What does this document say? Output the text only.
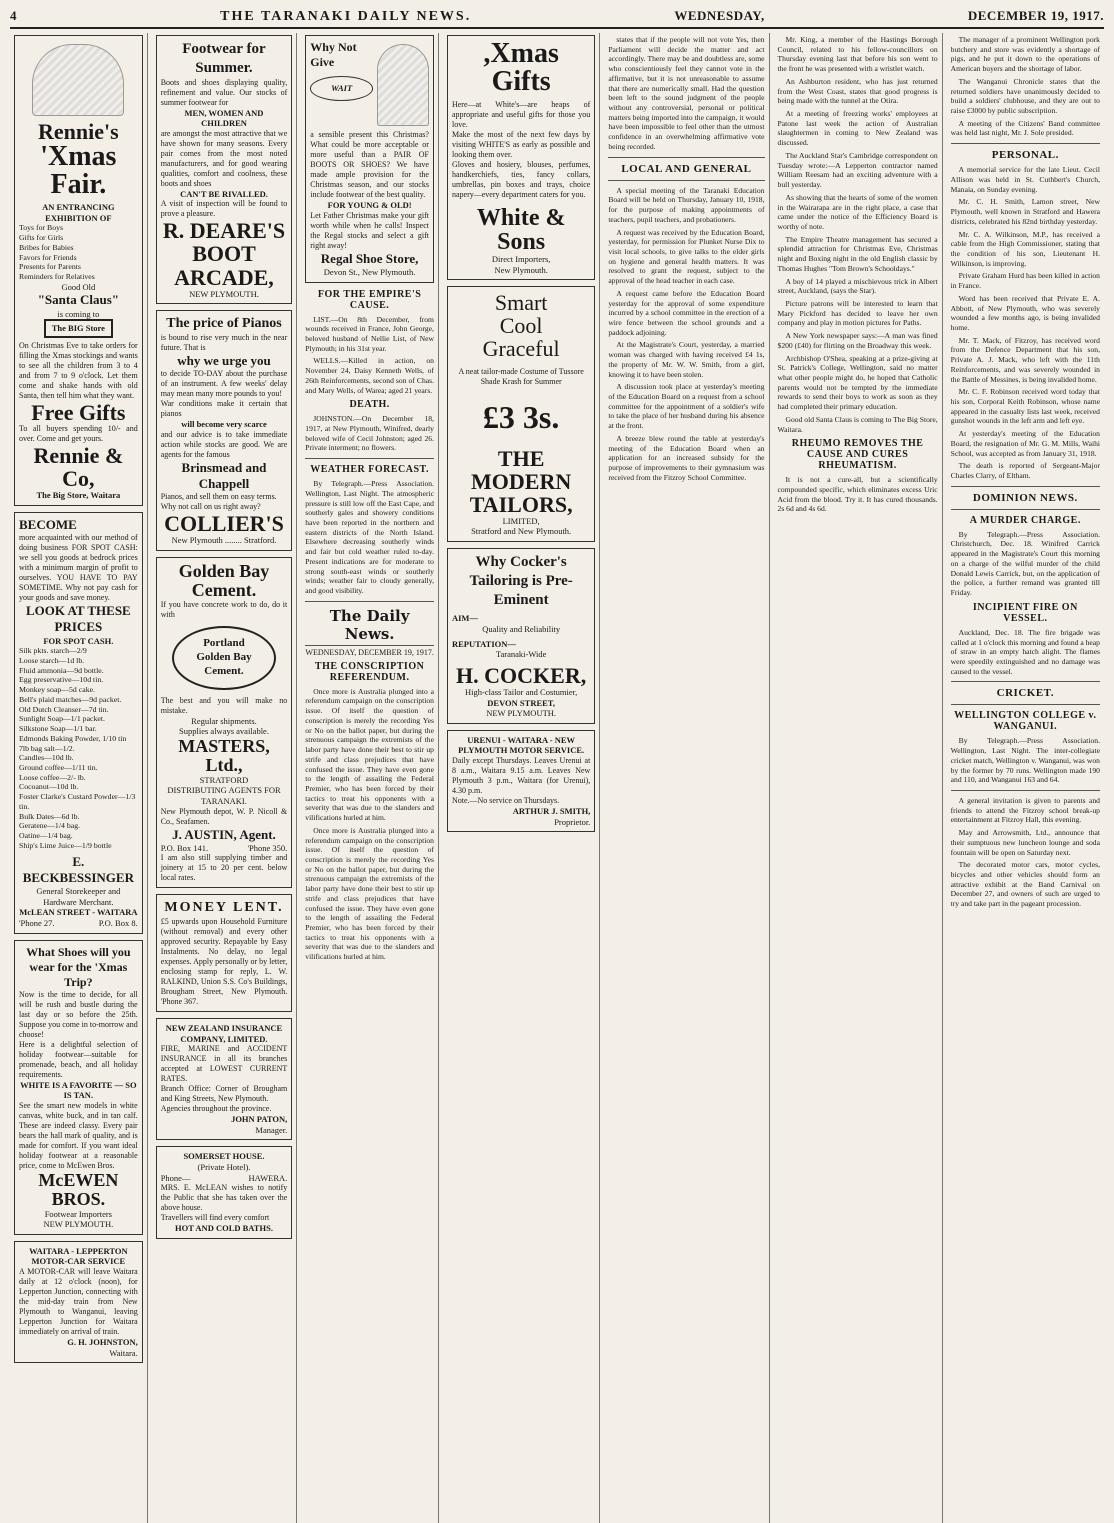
4	THE TARANAKI DAILY NEWS.	WEDNESDAY,	DECEMBER 19, 1917.
Rennie's
'Xmas Fair.
AN ENTRANCING EXHIBITION OF
Toys for Boys
Gifts for Girls
Bribes for Babies
Favors for Friends
Presents for Parents
Reminders for Relatives
Good Old
"Santa Claus"
is coming to
The BIG Store
On Christmas Eve to take orders for filling the Xmas stockings and wants to see all the children from 3 to 4 and from 7 to 9 o'clock. Let them come and shake hands with old Santa, then tell him what they want.
Free Gifts
To all buyers spending 10/- and over. Come and get yours.
Rennie & Co,
The Big Store, Waitara
BECOME
more acquainted with our method of doing business FOR SPOT CASH: we sell you goods at bedrock prices with a minimum margin of profit to ourselves. YOU HAVE TO PAY SOMETIME. Why not pay cash for your goods and save money.
LOOK AT THESE PRICES
FOR SPOT CASH.
Silk pkts. starch—2/9
Loose starch—1d lb.
Fluid ammonia—9d bottle.
Egg preservative—10d tin.
Monkey soap—5d cake.
Bell's plaid matches—9d packet.
Old Dutch Cleanser—7d tin.
Sunlight Soap—1/1 packet.
Silkstone Soap—1/1 bar.
Edmonds Baking Powder, 1/10 tin
7lb bag salt—1/2.
Candles—10d lb.
Ground coffee—1/11 tin.
Loose coffee—2/- lb.
Cocoanut—10d lb.
Foster Clarke's Custard Powder—1/3 tin.
Bulk Dates—6d lb.
Geratene—1/4 bag.
Oatine—1/4 bag.
Ship's Lime Juice—1/9 bottle
E. BECKBESSINGER
General Storekeeper and Hardware Merchant.
McLEAN STREET - WAITARA
'Phone 27.	P.O. Box 8.
What Shoes will you wear for the 'Xmas Trip?
Now is the time to decide, for all will be rush and bustle during the last day or so before the 25th. Suppose you come in to-morrow and choose!
Here is a delightful selection of holiday footwear—suitable for promenade, beach, and all holiday requirements.
WHITE IS A FAVORITE — SO IS TAN.
See the smart new models in white canvas, white buck, and in tan calf. These are indeed classy. Every pair bears the hall mark of quality, and is made for comfort. If you want ideal holiday footwear at a reasonable price, come to McEwen Bros.
McEWEN BROS.
Footwear Importers
NEW PLYMOUTH.
WAITARA - LEPPERTON
MOTOR-CAR SERVICE
A MOTOR-CAR will leave Waitara daily at 12 o'clock (noon), for Lepperton Junction, connecting with the mid-day train from New Plymouth to Wanganui, leaving Lepperton Junction for Waitara immediately on arrival of train.
G. H. JOHNSTON,
Waitara.
Footwear for Summer.
Boots and shoes displaying quality, refinement and value. Our stocks of summer footwear for
MEN, WOMEN AND CHILDREN
are amongst the most attractive that we have shown for many seasons. Every pair comes from the most noted manufacturers, and for good wearing qualities, comfort and coolness, these boots and shoes
CAN'T BE RIVALLED.
A visit of inspection will be found to prove a pleasure.
R. DEARE'S
BOOT ARCADE,
NEW PLYMOUTH.
The price of Pianos
is bound to rise very much in the near future. That is
why we urge you
to decide TO-DAY about the purchase of an instrument. A few weeks' delay may mean many more pounds to you!
War conditions make it certain that pianos
will become very scarce
and our advice is to take immediate action while stocks are good. We are agents for the famous
Brinsmead and Chappell
Pianos, and sell them on easy terms.
Why not call on us right away?
COLLIER'S
New Plymouth ........ Stratford.
Golden Bay Cement.
If you have concrete work to do, do it with
Portland
Golden Bay
Cement.
The best and you will make no mistake.
Regular shipments.
Supplies always available.
MASTERS, Ltd.,
STRATFORD
DISTRIBUTING AGENTS FOR TARANAKI.
New Plymouth depot, W. P. Nicoll & Co., Seafamen.
J. AUSTIN, Agent.
P.O. Box 141.	'Phone 350.
I am also still supplying timber and joinery at 15 to 20 per cent. below local rates.
MONEY LENT.
£5 upwards upon Household Furniture (without removal) and every other approved security. Repayable by Easy Instalments. No delay, no legal expenses. Apply personally or by letter, enclosing stamp for reply, L. W. RALKIND, Union S.S. Co's Buildings, Brougham Street, New Plymouth. 'Phone 367.
NEW ZEALAND INSURANCE COMPANY, LIMITED.
FIRE, MARINE and ACCIDENT INSURANCE in all its branches accepted at LOWEST CURRENT RATES.
Branch Office: Corner of Brougham and King Streets, New Plymouth.
Agencies throughout the province.
JOHN PATON,
Manager.
SOMERSET HOUSE.
(Private Hotel).
Phone—	HAWERA.
MRS. E. McLEAN wishes to notify the Public that she has taken over the above house.
Travellers will find every comfort
HOT AND COLD BATHS.
Why Not Give
WAIT
a sensible present this Christmas? What could be more acceptable or more useful than a PAIR OF BOOTS OR SHOES? We have made ample provision for the Christmas season, and our stocks include footwear of the best quality.
FOR YOUNG & OLD!
Let Father Christmas make your gift worth while when he calls! Inspect the Regal stocks and select a gift right away!
Regal Shoe Store,
Devon St., New Plymouth.
FOR THE EMPIRE'S CAUSE.
LIST.—On 8th December, from wounds received in France, John George, beloved husband of Nellie List, of New Plymouth; in his 31st year.
WELLS.—Killed in action, on November 24, Daisy Kenneth Wells, of 26th Reinforcements, second son of Chas. and Mary Wells, of Warea; aged 21 years.
DEATH.
JOHNSTON.—On December 18, 1917, at New Plymouth, Winifred, dearly beloved wife of Cecil Johnston; aged 26. Private interment; no flowers.
WEATHER FORECAST.
By Telegraph.—Press Association. Wellington, Last Night. The atmospheric pressure is still low off the East Cape, and southerly gales and showery conditions have been reported in the northern and eastern districts of the North Island. Elsewhere decreasing southerly winds and fair but cold weather ruled to-day. Present indications are for moderate to strong south-east winds or southerly winds; weather fair to cloudy generally, and good visibility.
The Daily News.
WEDNESDAY, DECEMBER 19, 1917.
THE CONSCRIPTION REFERENDUM.
Once more is Australia plunged into a referendum campaign on the conscription issue. Of itself the question of conscription is merely the recording Yes or No on the ballot paper, but during the strenuous campaign the extremists of the labor party have done their best to stir up strife and class prejudices that have confused the issue. They have even gone to the length of assailing the Federal Premier, who has been forced by their tactics to treat his opponents with a severity that was due to the slanders and vilifications hurled at him.

Once more is Australia plunged into a referendum campaign on the conscription issue. Of itself the question of conscription is merely the recording Yes or No on the ballot paper, but during the strenuous campaign the extremists of the labor party have done their best to stir up strife and class prejudices that have confused the issue. They have even gone to the length of assailing the Federal Premier, who has been forced by their tactics to treat his opponents with a severity that was due to the slanders and vilifications hurled at him.

,Xmas Gifts
Here—at White's—are heaps of appropriate and useful gifts for those you love.
Make the most of the next few days by visiting WHITE'S as early as possible and looking them over.
Gloves and hosiery, blouses, perfumes, handkerchiefs, ties, fancy collars, umbrellas, pin boxes and trays, choice napery—every department caters for you.
White & Sons
Direct Importers,
New Plymouth.
Smart
Cool
Graceful
A neat tailor-made Costume of Tussore Shade Krash for Summer
£3 3s.
THE MODERN TAILORS,
LIMITED,
Stratford and New Plymouth.
Why Cocker's Tailoring is Pre-Eminent
AIM—
Quality and Reliability
REPUTATION—
Taranaki-Wide
H. COCKER,
High-class Tailor and Costumier,
DEVON STREET,
NEW PLYMOUTH.
URENUI - WAITARA - NEW PLYMOUTH MOTOR SERVICE.
Daily except Thursdays. Leaves Urenui at 8 a.m., Waitara 9.15 a.m. Leaves New Plymouth 3 p.m., Waitara (for Urenui), 4.30 p.m.
Note.—No service on Thursdays.
ARTHUR J. SMITH,
Proprietor.

states that if the people will not vote Yes, then Parliament will decide the matter and act accordingly. There may be and doubtless are, some who conscientiously feel they cannot vote in the affirmative, but it is not unreasonable to assume that there are numerically small. Had the question been left to the sound judgment of the people without any controversial, personal or political matters being imported into the campaign, it would have been impossible to feel other than the utmost confidence in an overwhelming affirmative vote being recorded.

LOCAL AND GENERAL

A special meeting of the Taranaki Education Board will be held on Thursday, January 10, 1918, for the purpose of making appointments of teachers, pupil teachers, and probationers.

A request was received by the Education Board, yesterday, for permission for Plunket Nurse Dix to visit local schools, to give talks to the elder girls on hygiene and general health matters. It was resolved to grant the request, subject to the approval of the head teacher in each case.

A request came before the Education Board yesterday for the approval of some expenditure incurred by a school committee in the erection of a wire fence between the school grounds and a paddock adjoining.

At the Magistrate's Court, yesterday, a married woman was charged with having received £4 1s, the property of Mr. W. W. Smith, from a girl, knowing it to have been stolen.

A discussion took place at yesterday's meeting of the Education Board on a request from a school committee for the appointment of a soldier's wife to take the place of her husband during his absence at the front.

A breeze blew round the table at yesterday's meeting of the Education Board when an application for an increased subsidy for the purpose of improvements to their gymnasium was received from the Fitzroy School Committee.

Mr. King, a member of the Hastings Borough Council, related to his fellow-councillors on Thursday evening last that before his son went to the front he was presented with a wristlet watch.

An Ashburton resident, who has just returned from the West Coast, states that good progress is being made with the tunnel at the Otira.

At a meeting of freezing works' employees at Patone last week the action of Australian slaughtermen in coming to New Zealand was discussed.

The Auckland Star's Cambridge correspondent on Tuesday wrote:—A Lepperton contractor named William Reesam had an exciting adventure with a bull yesterday.

As showing that the hearts of some of the women in the Wairarapa are in the right place, a case that came under the notice of the Efficiency Board is worthy of note.

The Empire Theatre management has secured a splendid attraction for Christmas Eve, Christmas night and Boxing night in the old English classic by Thomas Hughes "Tom Brown's Schooldays."

A boy of 14 played a mischievous trick in Albert street, Auckland, (says the Star).

Picture patrons will be interested to learn that Mary Pickford has decided to leave her own company and play in motion pictures for Paths.

A New York newspaper says:—A man was fined $200 (£40) for flirting on the Broadway this week.

Archbishop O'Shea, speaking at a prize-giving at St. Patrick's College, Wellington, said no matter what other people might do, he hoped that Catholic parents would not be tempted by the immediate rewards to send their boys to work as soon as they had completed their primary education.

Good old Santa Claus is coming to The Big Store, Waitara.

RHEUMO REMOVES THE CAUSE AND CURES RHEUMATISM.
It is not a cure-all, but a scientifically compounded specific, which eliminates excess Uric Acid from the blood. Try it. It has cured thousands. 2s 6d and 4s 6d.

The manager of a prominent Wellington pork butchery and store was evidently a shortage of pigs, and he put it down to the operations of American buyers and the shortage of labor.

The Wanganui Chronicle states that the returned soldiers have unanimously decided to build a soldiers' clubhouse, and they are out to raise £3000 by public subscription.

A meeting of the Citizens' Band committee was held last night, Mr. J. Sole presided.

PERSONAL.

A memorial service for the late Lieut. Cecil Allison was held in St. Cuthbert's Church, Manaia, on Sunday evening.

Mr. C. H. Smith, Lamon street, New Plymouth, well known in Stratford and Hawera districts, celebrated his 82nd birthday yesterday.

Mr. C. A. Wilkinson, M.P., has received a cable from the High Commissioner, stating that the condition of his son, Lieutenant H. Wilkinson, is improving.

Private Graham Hurd has been killed in action in France.

Word has been received that Private E. A. Abbott, of New Plymouth, who was severely wounded a few months ago, is being invalided home.

Mr. T. Mack, of Fitzroy, has received word from the Defence Department that his son, Private A. J. Mack, who left with the 11th Reinforcements, and was severely wounded in the Battle of Messines, is being invalided home.

Mr. C. F. Robinson received word today that his son, Corporal Keith Robinson, whose name appeared in the casualty lists last week, received gunshot wounds in the left arm and left eye.

At yesterday's meeting of the Education Board, the resignation of Mr. G. M. Mills, Waihi School, was accepted as from January 31, 1918.

The death is reported of Sergeant-Major Charles Clarry, of Eltham.

DOMINION NEWS.
A MURDER CHARGE.
By Telegraph.—Press Association. Christchurch, Dec. 18. Winifred Carrick appeared in the Magistrate's Court this morning on a charge of the wilful murder of the child Donald Lewis Carrick, but, on the application of the police, a further remand was granted till Friday.
INCIPIENT FIRE ON VESSEL.
Auckland, Dec. 18. The fire brigade was called at 1 o'clock this morning and found a heap of straw in an empty hatch alight. The flames were speedily extinguished and no damage was caused to the vessel.
CRICKET.
WELLINGTON COLLEGE v. WANGANUI.
By Telegraph.—Press Association. Wellington, Last Night. The inter-collegiate cricket match, Wellington v. Wanganui, was won by the former by 70 runs. Wellington made 190 and 110, and Wanganui 163 and 64.
A general invitation is given to parents and friends to attend the Fitzroy school break-up entertainment at Fitzroy Hall, this evening.
May and Arrowsmith, Ltd., announce that their sumptuous new luncheon lounge and soda fountain will be open on Saturday next.
The decorated motor cars, motor cycles, bicycles and other vehicles should form an attractive exhibit at the Band Carnival on December 27, and owners of such are urged to try and take part in the pageant procession.
